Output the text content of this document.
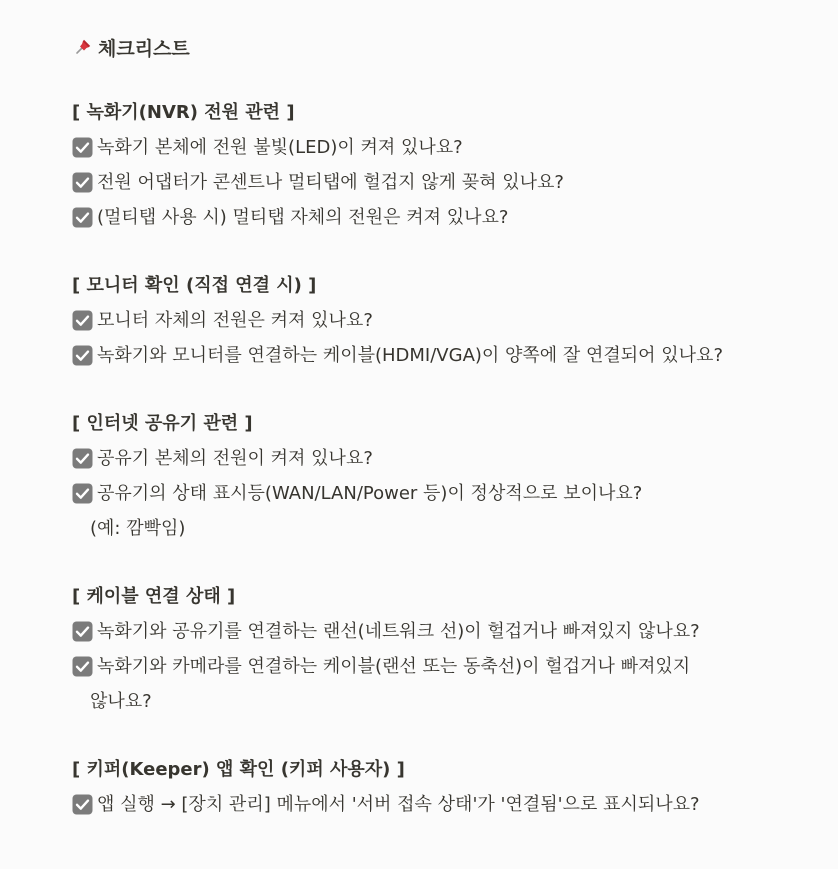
체크리스트
[ 녹화기(NVR) 전원 관련 ]
녹화기 본체에 전원 불빛(LED)이 켜져 있나요?
전원 어댑터가 콘센트나 멀티탭에 헐겁지 않게 꽂혀 있나요?
(멀티탭 사용 시) 멀티탭 자체의 전원은 켜져 있나요?
[ 모니터 확인 (직접 연결 시) ]
모니터 자체의 전원은 켜져 있나요?
녹화기와 모니터를 연결하는 케이블(HDMI/VGA)이 양쪽에 잘 연결되어 있나요?
[ 인터넷 공유기 관련 ]
공유기 본체의 전원이 켜져 있나요?
공유기의 상태 표시등(WAN/LAN/Power 등)이 정상적으로 보이나요?
(예: 깜빡임)
[ 케이블 연결 상태 ]
녹화기와 공유기를 연결하는 랜선(네트워크 선)이 헐겁거나 빠져있지 않나요?
녹화기와 카메라를 연결하는 케이블(랜선 또는 동축선)이 헐겁거나 빠져있지
않나요?
[ 키퍼(Keeper) 앱 확인 (키퍼 사용자) ]
앱 실행 → [장치 관리] 메뉴에서 '서버 접속 상태'가 '연결됨'으로 표시되나요?
